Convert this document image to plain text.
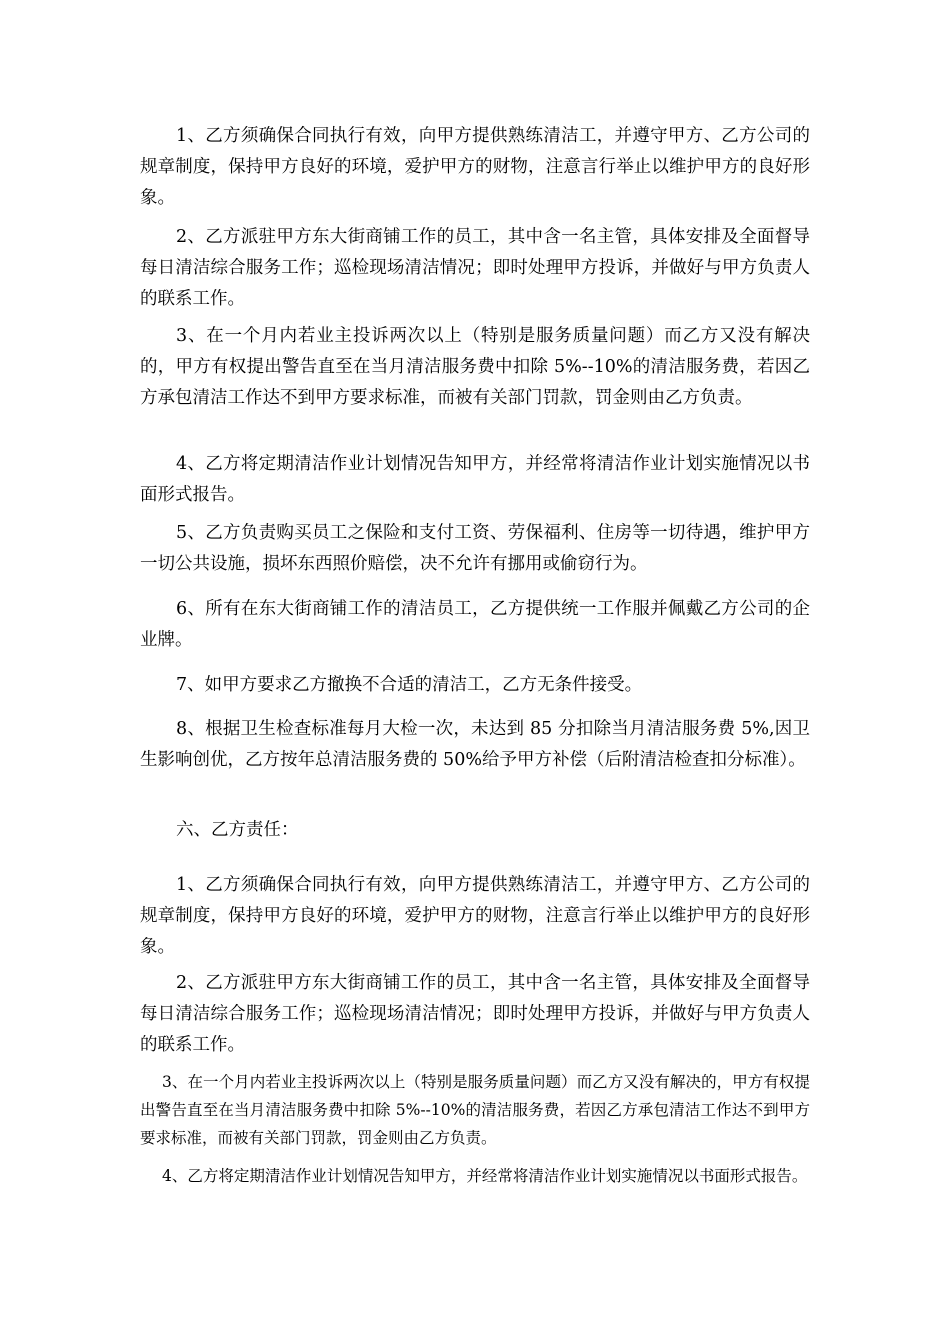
1、乙方须确保合同执行有效，向甲方提供熟练清洁工，并遵守甲方、乙方公司的规章制度，保持甲方良好的环境，爱护甲方的财物，注意言行举止以维护甲方的良好形象。

2、乙方派驻甲方东大街商铺工作的员工，其中含一名主管，具体安排及全面督导每日清洁综合服务工作；巡检现场清洁情况；即时处理甲方投诉，并做好与甲方负责人的联系工作。

3、在一个月内若业主投诉两次以上（特别是服务质量问题）而乙方又没有解决的，甲方有权提出警告直至在当月清洁服务费中扣除 5%--10%的清洁服务费，若因乙方承包清洁工作达不到甲方要求标准，而被有关部门罚款，罚金则由乙方负责。

4、乙方将定期清洁作业计划情况告知甲方，并经常将清洁作业计划实施情况以书面形式报告。

5、乙方负责购买员工之保险和支付工资、劳保福利、住房等一切待遇，维护甲方一切公共设施，损坏东西照价赔偿，决不允许有挪用或偷窃行为。

6、所有在东大街商铺工作的清洁员工，乙方提供统一工作服并佩戴乙方公司的企业牌。

7、如甲方要求乙方撤换不合适的清洁工，乙方无条件接受。

8、根据卫生检查标准每月大检一次，未达到 85 分扣除当月清洁服务费 5%,因卫生影响创优，乙方按年总清洁服务费的 50%给予甲方补偿（后附清洁检查扣分标准）。

六、乙方责任：

1、乙方须确保合同执行有效，向甲方提供熟练清洁工，并遵守甲方、乙方公司的规章制度，保持甲方良好的环境，爱护甲方的财物，注意言行举止以维护甲方的良好形象。

2、乙方派驻甲方东大街商铺工作的员工，其中含一名主管，具体安排及全面督导每日清洁综合服务工作；巡检现场清洁情况；即时处理甲方投诉，并做好与甲方负责人的联系工作。

3、在一个月内若业主投诉两次以上（特别是服务质量问题）而乙方又没有解决的，甲方有权提出警告直至在当月清洁服务费中扣除 5%--10%的清洁服务费，若因乙方承包清洁工作达不到甲方要求标准，而被有关部门罚款，罚金则由乙方负责。

4、乙方将定期清洁作业计划情况告知甲方，并经常将清洁作业计划实施情况以书面形式报告。
